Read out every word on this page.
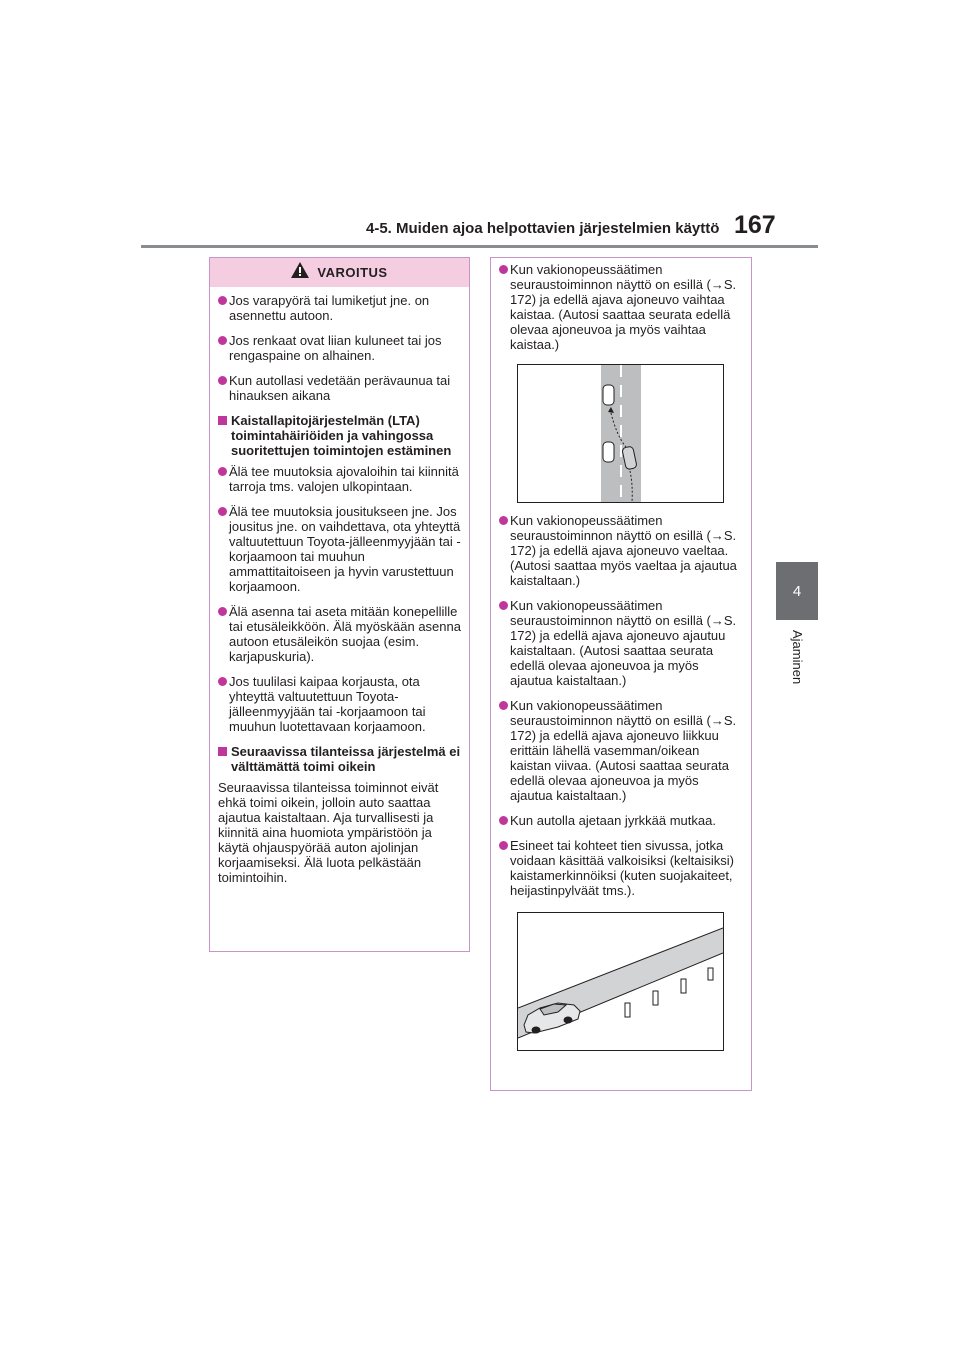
4-5. Muiden ajoa helpottavien järjestelmien käyttö 167
4
Ajaminen
VAROITUS
Jos varapyörä tai lumiketjut jne. on asennettu autoon.
Jos renkaat ovat liian kuluneet tai jos rengaspaine on alhainen.
Kun autollasi vedetään perävaunua tai hinauksen aikana
Kaistallapitojärjestelmän (LTA) toimintahäiriöiden ja vahingossa suoritettujen toimintojen estäminen
Älä tee muutoksia ajovaloihin tai kiinnitä tarroja tms. valojen ulkopintaan.
Älä tee muutoksia jousitukseen jne. Jos jousitus jne. on vaihdettava, ota yhteyttä valtuutettuun Toyota-jälleenmyyjään tai -korjaamoon tai muuhun ammattitaitoiseen ja hyvin varustettuun korjaamoon.
Älä asenna tai aseta mitään konepellille tai etusäleikköön. Älä myöskään asenna autoon etusäleikön suojaa (esim. karjapuskuria).
Jos tuulilasi kaipaa korjausta, ota yhteyttä valtuutettuun Toyota-jälleenmyyjään tai -korjaamoon tai muuhun luotettavaan korjaamoon.
Seuraavissa tilanteissa järjestelmä ei välttämättä toimi oikein
Seuraavissa tilanteissa toiminnot eivät ehkä toimi oikein, jolloin auto saattaa ajautua kaistaltaan. Aja turvallisesti ja kiinnitä aina huomiota ympäristöön ja käytä ohjauspyörää auton ajolinjan korjaamiseksi. Älä luota pelkästään toimintoihin.
Kun vakionopeussäätimen seuraustoiminnon näyttö on esillä (→S. 172) ja edellä ajava ajoneuvo vaihtaa kaistaa. (Autosi saattaa seurata edellä olevaa ajoneuvoa ja myös vaihtaa kaistaa.)
Kun vakionopeussäätimen seuraustoiminnon näyttö on esillä (→S. 172) ja edellä ajava ajoneuvo vaeltaa. (Autosi saattaa myös vaeltaa ja ajautua kaistaltaan.)
Kun vakionopeussäätimen seuraustoiminnon näyttö on esillä (→S. 172) ja edellä ajava ajoneuvo ajautuu kaistaltaan. (Autosi saattaa seurata edellä olevaa ajoneuvoa ja myös ajautua kaistaltaan.)
Kun vakionopeussäätimen seuraustoiminnon näyttö on esillä (→S. 172) ja edellä ajava ajoneuvo liikkuu erittäin lähellä vasemman/oikean kaistan viivaa. (Autosi saattaa seurata edellä olevaa ajoneuvoa ja myös ajautua kaistaltaan.)
Kun autolla ajetaan jyrkkää mutkaa.
Esineet tai kohteet tien sivussa, jotka voidaan käsittää valkoisiksi (keltaisiksi) kaistamerkinnöiksi (kuten suojakaiteet, heijastinpylväät tms.).
